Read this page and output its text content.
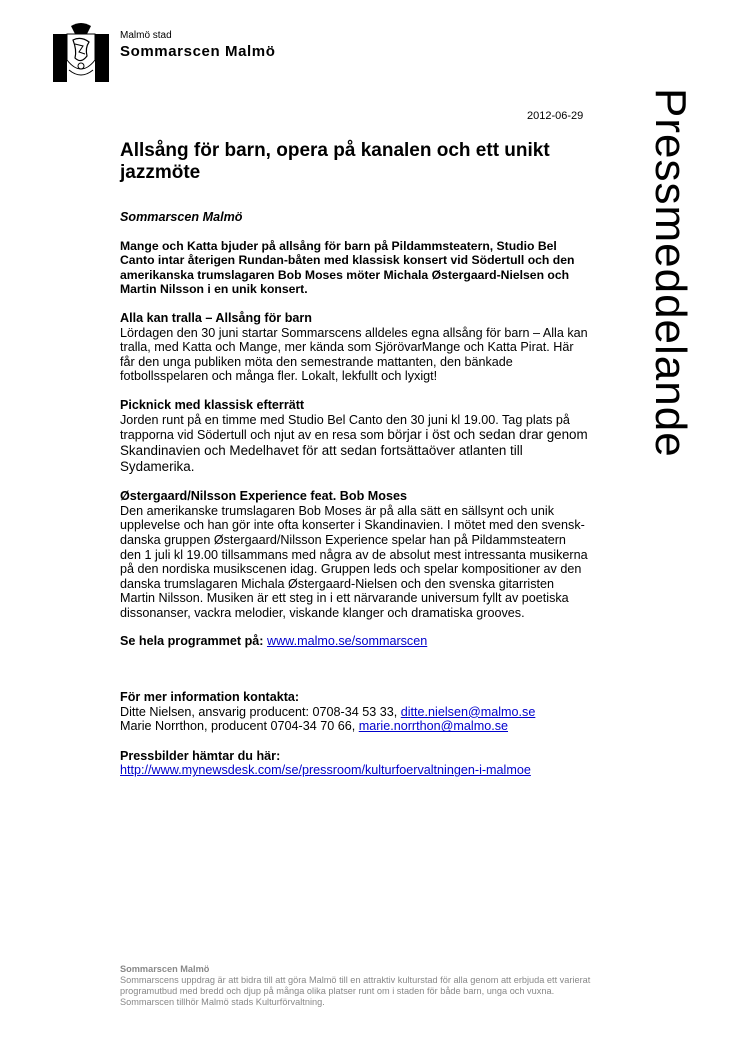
Malmö stad
Sommarscen Malmö
Pressmeddelande
2012-06-29
Allsång för barn, opera på kanalen och ett unikt jazzmöte
Sommarscen Malmö
Mange och Katta bjuder på allsång för barn på Pildammsteatern, Studio Bel Canto intar återigen Rundan-båten med klassisk konsert vid Södertull och den amerikanska trumslagaren Bob Moses möter Michala Østergaard-Nielsen och Martin Nilsson i en unik konsert.
Alla kan tralla – Allsång för barn

Lördagen den 30 juni startar Sommarscens alldeles egna allsång för barn – Alla kan tralla, med Katta och Mange, mer kända som SjörövarMange och Katta Pirat. Här får den unga publiken möta den semestrande mattanten, den bänkade fotbollsspelaren och många fler. Lokalt, lekfullt och lyxigt!

Picknick med klassisk efterrätt

Jorden runt på en timme med Studio Bel Canto den 30 juni kl 19.00. Tag plats på trapporna vid Södertull och njut av en resa som börjar i öst och sedan drar genom Skandinavien och Medelhavet för att sedan fortsättaöver atlanten till Sydamerika.

Østergaard/Nilsson Experience feat. Bob Moses

Den amerikanske trumslagaren Bob Moses är på alla sätt en sällsynt och unik upplevelse och han gör inte ofta konserter i Skandinavien. I mötet med den svensk-danska gruppen Østergaard/Nilsson Experience spelar han på Pildammsteatern den 1 juli kl 19.00 tillsammans med några av de absolut mest intressanta musikerna på den nordiska musikscenen idag. Gruppen leds och spelar kompositioner av den danska trumslagaren Michala Østergaard-Nielsen och den svenska gitarristen Martin Nilsson. Musiken är ett steg in i ett närvarande universum fyllt av poetiska dissonanser, vackra melodier, viskande klanger och dramatiska grooves.

Se hela programmet på: www.malmo.se/sommarscen
För mer information kontakta:
Ditte Nielsen, ansvarig producent: 0708-34 53 33, ditte.nielsen@malmo.se
Marie Norrthon, producent 0704-34 70 66, marie.norrthon@malmo.se
Pressbilder hämtar du här:
http://www.mynewsdesk.com/se/pressroom/kulturfoervaltningen-i-malmoe
Sommarscen Malmö
Sommarscens uppdrag är att bidra till att göra Malmö till en attraktiv kulturstad för alla genom att erbjuda ett varierat programutbud med bredd och djup på många olika platser runt om i staden för både barn, unga och vuxna. Sommarscen tillhör Malmö stads Kulturförvaltning.
